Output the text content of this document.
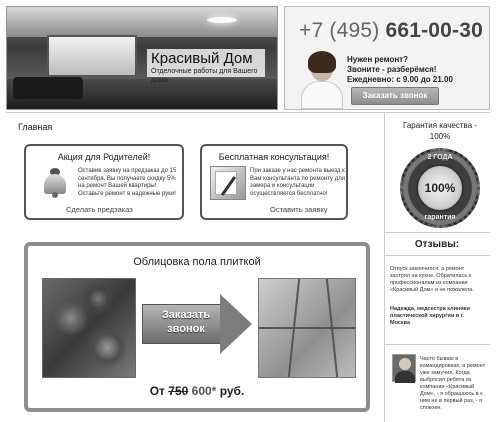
Красивый Дом
Отделочные работы для Вашего дома
+7 (495) 661-00-30
Нужен ремонт?
Звоните - разберёмся!
Ежедневно: с 9.00 до 21.00
Заказать звонок
Главная
Акция для Родителей!
Оставив заявку на предзаказ до 15 сентября, Вы получаете скидку 5% на ремонт Вашей квартиры! Оставьте ремонт в надежные руки!
Сделать предзаказ
Бесплатная консультация!
При заказе у нас ремонта выезд к Вам консультанта по ремонту для замера и консультации осуществляется бесплатно!
Оставить заявку
Облицовка пола плиткой
Заказать звонок
От 750 600* руб.
Гарантия качества - 100%
2 ГОДА
100%
гарантия
Отзывы:
Отпуск закончился, а ремонт застрял на кухне. Обратилась к профессионалам из компании «Красивый Дом» и не пожалела.
Надежда, медсестра клиники пластической хирургии в г. Москва
Часто бываю в командировках, а ремонт уже замучил. Когда выбросил ребята из компании «Красивый Дом», - я обращаюсь в к ним не в первый раз, - я спокоен.
